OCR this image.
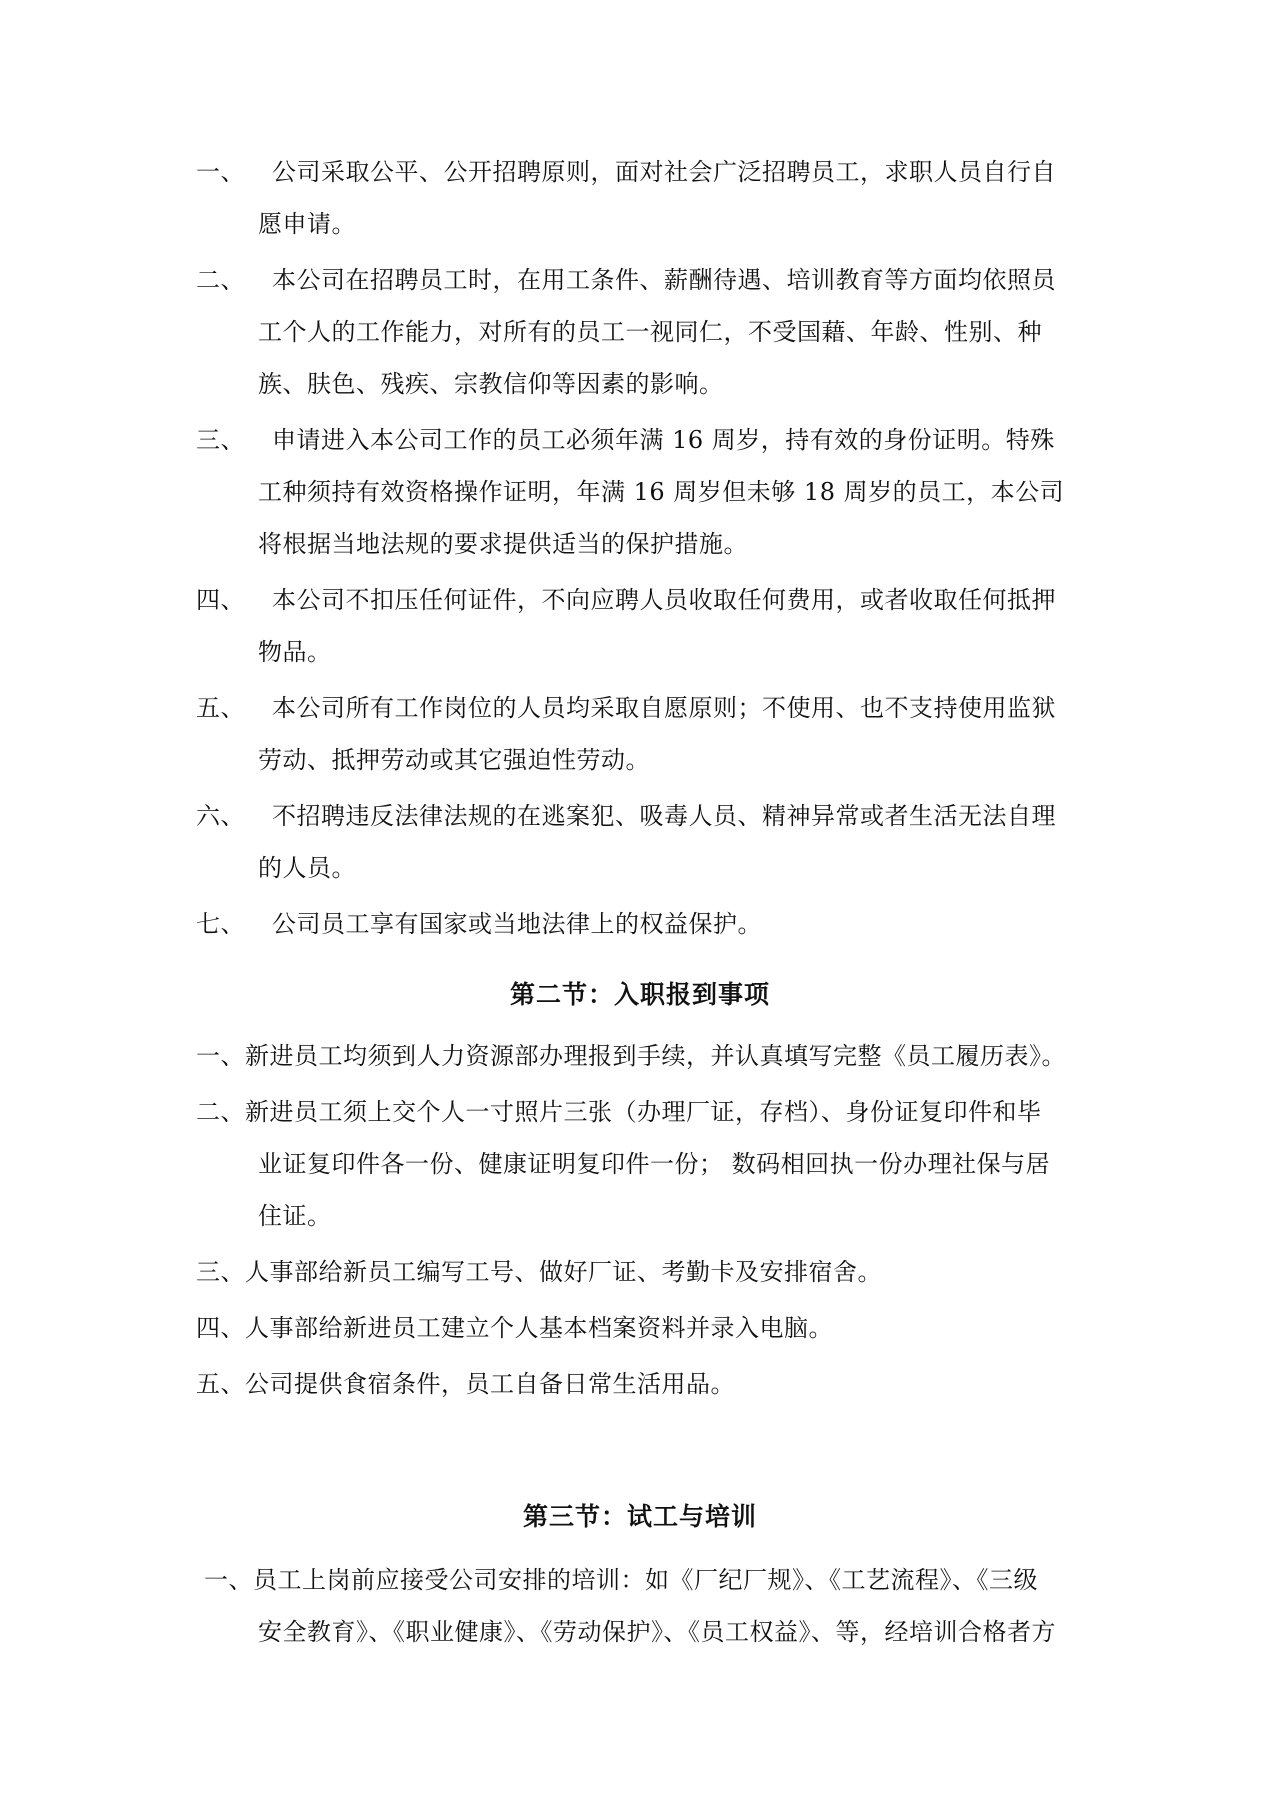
一、 公司采取公平、公开招聘原则，面对社会广泛招聘员工，求职人员自行自
愿申请。
二、 本公司在招聘员工时，在用工条件、薪酬待遇、培训教育等方面均依照员
工个人的工作能力，对所有的员工一视同仁，不受国藉、年龄、性别、种
族、肤色、残疾、宗教信仰等因素的影响。
三、 申请进入本公司工作的员工必须年满 16 周岁，持有效的身份证明。特殊
工种须持有效资格操作证明，年满 16 周岁但未够 18 周岁的员工，本公司
将根据当地法规的要求提供适当的保护措施。
四、 本公司不扣压任何证件，不向应聘人员收取任何费用，或者收取任何抵押
物品。
五、 本公司所有工作岗位的人员均采取自愿原则；不使用、也不支持使用监狱
劳动、抵押劳动或其它强迫性劳动。
六、 不招聘违反法律法规的在逃案犯、吸毒人员、精神异常或者生活无法自理
的人员。
七、 公司员工享有国家或当地法律上的权益保护。
第二节：入职报到事项
一、新进员工均须到人力资源部办理报到手续，并认真填写完整《员工履历表》。
二、新进员工须上交个人一寸照片三张（办理厂证，存档）、身份证复印件和毕
业证复印件各一份、健康证明复印件一份； 数码相回执一份办理社保与居
住证。
三、人事部给新员工编写工号、做好厂证、考勤卡及安排宿舍。
四、人事部给新进员工建立个人基本档案资料并录入电脑。
五、公司提供食宿条件，员工自备日常生活用品。
第三节：试工与培训
一、员工上岗前应接受公司安排的培训：如《厂纪厂规》、《工艺流程》、《三级
安全教育》、《职业健康》、《劳动保护》、《员工权益》、等，经培训合格者方
